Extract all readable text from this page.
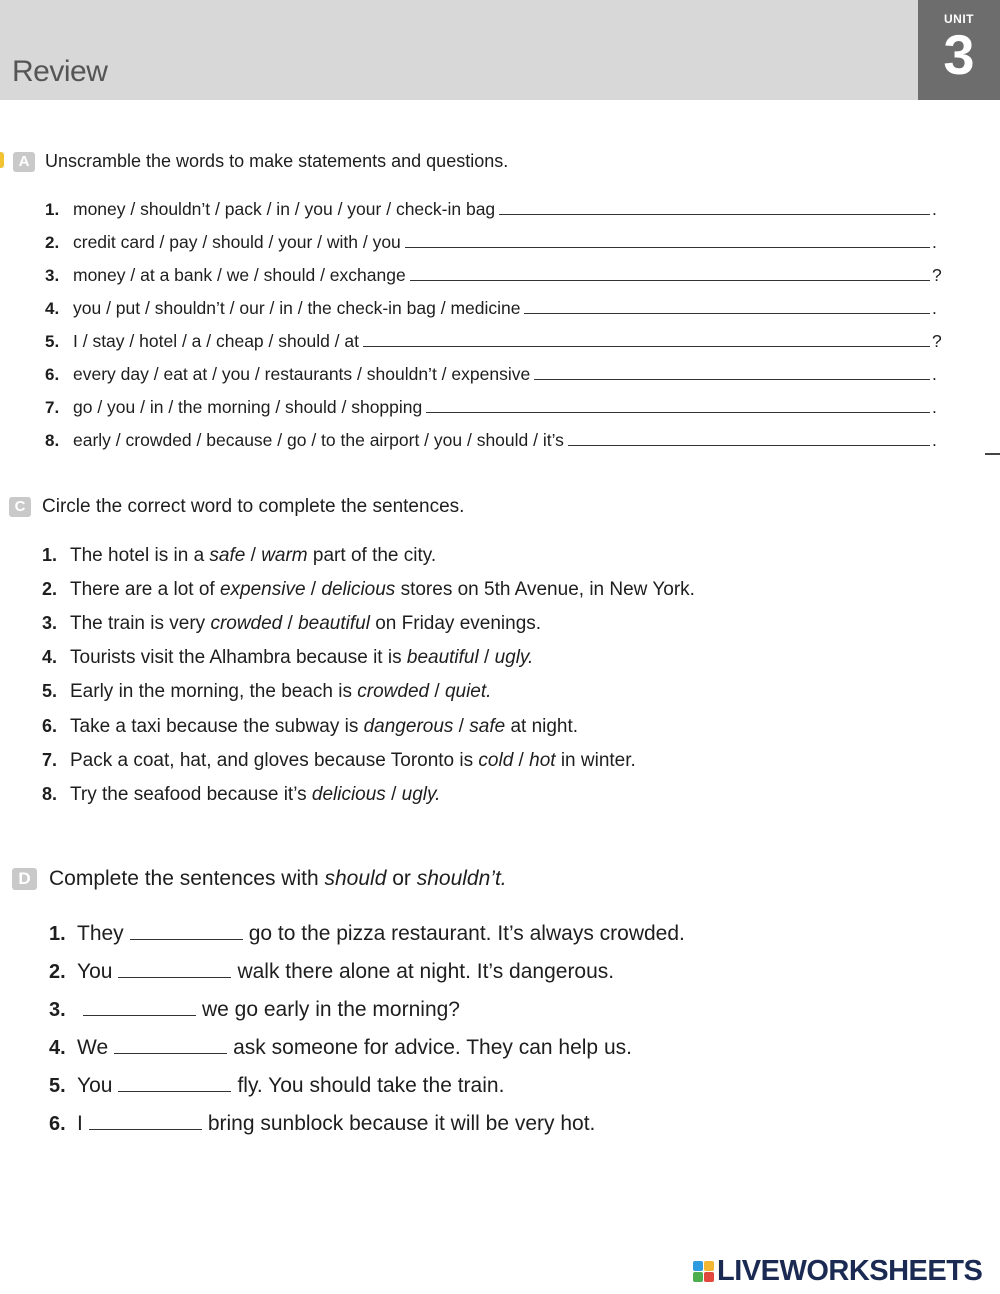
Review
UNIT
3
A Unscramble the words to make statements and questions.
1. money / shouldn’t / pack / in / you / your / check-in bag	.
2. credit card / pay / should / your / with / you	.
3. money / at a bank / we / should / exchange	?
4. you / put / shouldn’t / our / in / the check-in bag / medicine	.
5. I / stay / hotel / a / cheap / should / at	?
6. every day / eat at / you / restaurants / shouldn’t / expensive	.
7. go / you / in / the morning / should / shopping	.
8. early / crowded / because / go / to the airport / you / should / it’s	.
C Circle the correct word to complete the sentences.
1. The hotel is in a safe / warm part of the city.
2. There are a lot of expensive / delicious stores on 5th Avenue, in New York.
3. The train is very crowded / beautiful on Friday evenings.
4. Tourists visit the Alhambra because it is beautiful / ugly.
5. Early in the morning, the beach is crowded / quiet.
6. Take a taxi because the subway is dangerous / safe at night.
7. Pack a coat, hat, and gloves because Toronto is cold / hot in winter.
8. Try the seafood because it’s delicious / ugly.
D Complete the sentences with should or shouldn’t.
1. They	go to the pizza restaurant. It’s always crowded.
2. You	walk there alone at night. It’s dangerous.
3.	we go early in the morning?
4. We	ask someone for advice. They can help us.
5. You	fly. You should take the train.
6. I	bring sunblock because it will be very hot.
LIVEWORKSHEETS
